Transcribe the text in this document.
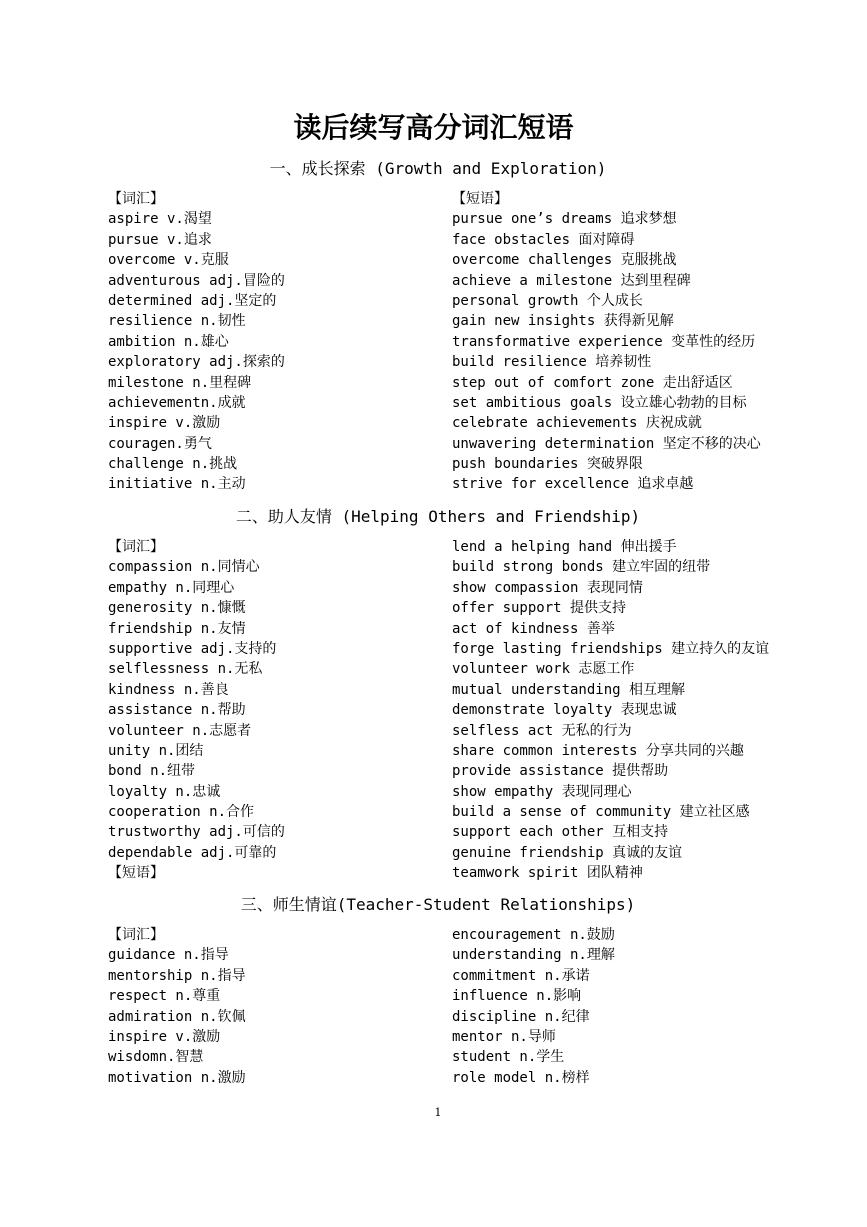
读后续写高分词汇短语
一、成长探索 (Growth and Exploration)
【词汇】
aspire v.渴望
pursue v.追求
overcome v.克服
adventurous adj.冒险的
determined adj.坚定的
resilience n.韧性
ambition n.雄心
exploratory adj.探索的
milestone n.里程碑
achievementn.成就
inspire v.激励
couragen.勇气
challenge n.挑战
initiative n.主动
【短语】
pursue one’s dreams 追求梦想
face obstacles 面对障碍
overcome challenges 克服挑战
achieve a milestone 达到里程碑
personal growth 个人成长
gain new insights 获得新见解
transformative experience 变革性的经历
build resilience 培养韧性
step out of comfort zone 走出舒适区
set ambitious goals 设立雄心勃勃的目标
celebrate achievements 庆祝成就
unwavering determination 坚定不移的决心
push boundaries 突破界限
strive for excellence 追求卓越
二、助人友情 (Helping Others and Friendship)
【词汇】
compassion n.同情心
empathy n.同理心
generosity n.慷慨
friendship n.友情
supportive adj.支持的
selflessness n.无私
kindness n.善良
assistance n.帮助
volunteer n.志愿者
unity n.团结
bond n.纽带
loyalty n.忠诚
cooperation n.合作
trustworthy adj.可信的
dependable adj.可靠的
【短语】
lend a helping hand 伸出援手
build strong bonds 建立牢固的纽带
show compassion 表现同情
offer support 提供支持
act of kindness 善举
forge lasting friendships 建立持久的友谊
volunteer work 志愿工作
mutual understanding 相互理解
demonstrate loyalty 表现忠诚
selfless act 无私的行为
share common interests 分享共同的兴趣
provide assistance 提供帮助
show empathy 表现同理心
build a sense of community 建立社区感
support each other 互相支持
genuine friendship 真诚的友谊
teamwork spirit 团队精神
三、师生情谊(Teacher-Student Relationships)
【词汇】
guidance n.指导
mentorship n.指导
respect n.尊重
admiration n.钦佩
inspire v.激励
wisdomn.智慧
motivation n.激励
encouragement n.鼓励
understanding n.理解
commitment n.承诺
influence n.影响
discipline n.纪律
mentor n.导师
student n.学生
role model n.榜样
1
